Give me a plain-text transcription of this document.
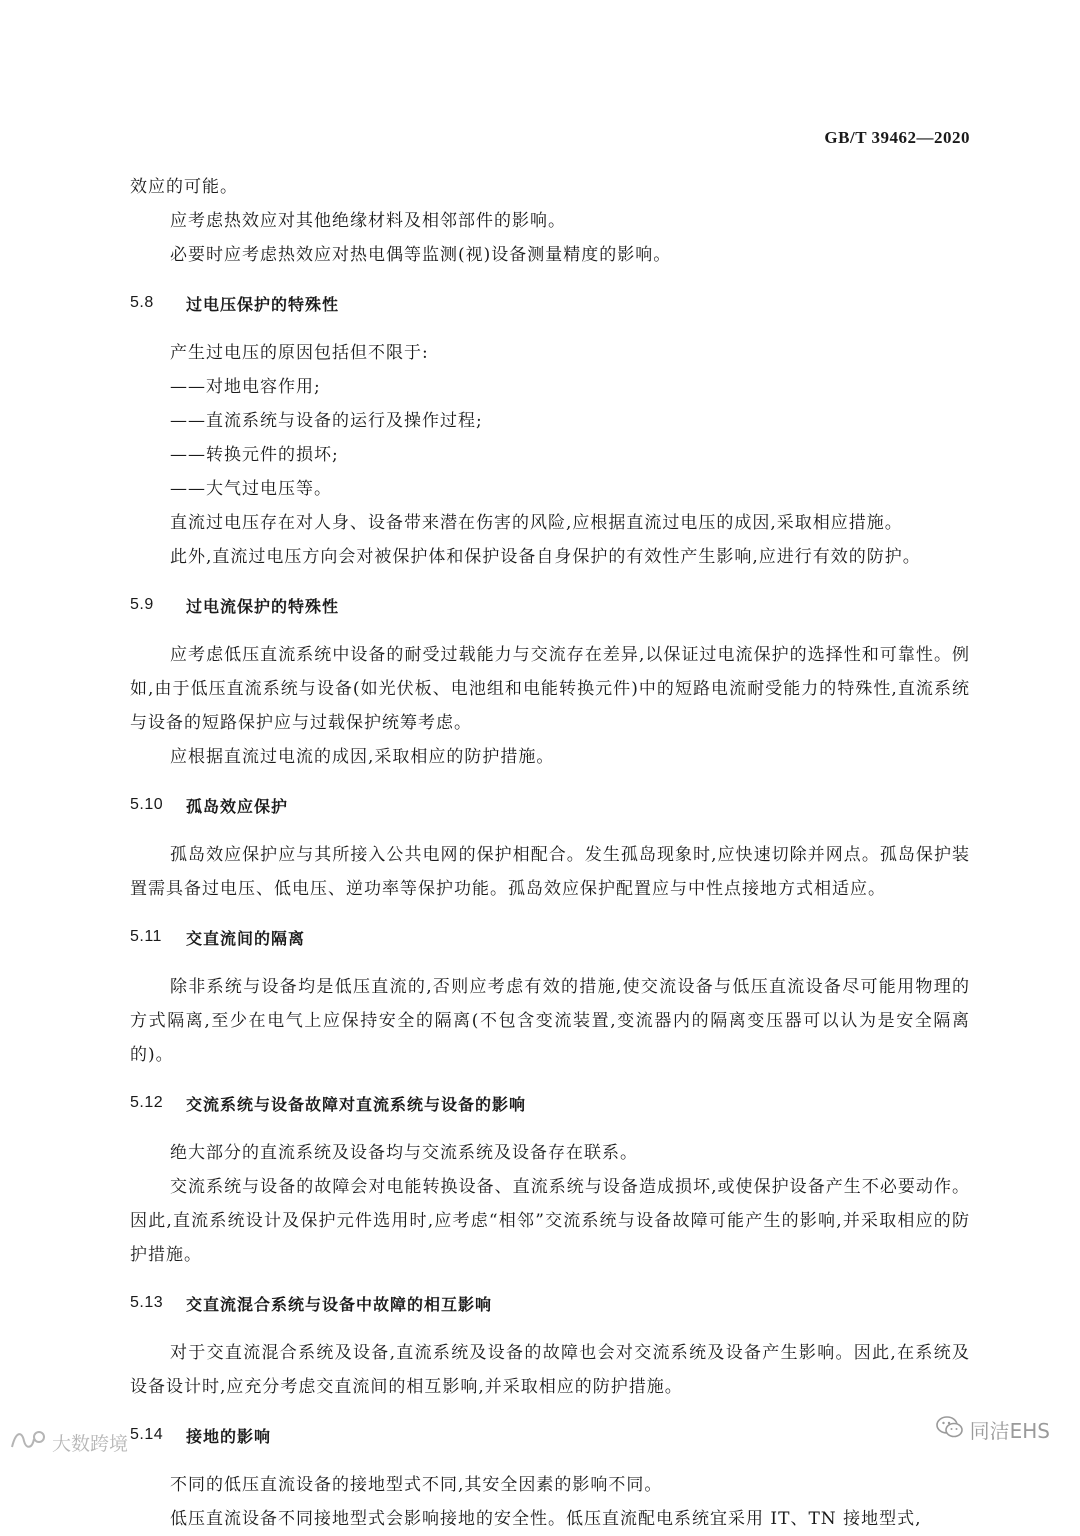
GB/T 39462—2020

效应的可能。

应考虑热效应对其他绝缘材料及相邻部件的影响。

必要时应考虑热效应对热电偶等监测(视)设备测量精度的影响。

5.8	过电压保护的特殊性

产生过电压的原因包括但不限于:

——对地电容作用;

——直流系统与设备的运行及操作过程;

——转换元件的损坏;

——大气过电压等。

直流过电压存在对人身、设备带来潜在伤害的风险,应根据直流过电压的成因,采取相应措施。

此外,直流过电压方向会对被保护体和保护设备自身保护的有效性产生影响,应进行有效的防护。

5.9	过电流保护的特殊性

应考虑低压直流系统中设备的耐受过载能力与交流存在差异,以保证过电流保护的选择性和可靠性。例如,由于低压直流系统与设备(如光伏板、电池组和电能转换元件)中的短路电流耐受能力的特殊性,直流系统与设备的短路保护应与过载保护统筹考虑。

应根据直流过电流的成因,采取相应的防护措施。

5.10	孤岛效应保护

孤岛效应保护应与其所接入公共电网的保护相配合。发生孤岛现象时,应快速切除并网点。孤岛保护装置需具备过电压、低电压、逆功率等保护功能。孤岛效应保护配置应与中性点接地方式相适应。

5.11	交直流间的隔离

除非系统与设备均是低压直流的,否则应考虑有效的措施,使交流设备与低压直流设备尽可能用物理的方式隔离,至少在电气上应保持安全的隔离(不包含变流装置,变流器内的隔离变压器可以认为是安全隔离的)。

5.12	交流系统与设备故障对直流系统与设备的影响

绝大部分的直流系统及设备均与交流系统及设备存在联系。

交流系统与设备的故障会对电能转换设备、直流系统与设备造成损坏,或使保护设备产生不必要动作。因此,直流系统设计及保护元件选用时,应考虑“相邻”交流系统与设备故障可能产生的影响,并采取相应的防护措施。

5.13	交直流混合系统与设备中故障的相互影响

对于交直流混合系统及设备,直流系统及设备的故障也会对交流系统及设备产生影响。因此,在系统及设备设计时,应充分考虑交直流间的相互影响,并采取相应的防护措施。

5.14	接地的影响

不同的低压直流设备的接地型式不同,其安全因素的影响不同。

低压直流设备不同接地型式会影响接地的安全性。低压直流配电系统宜采用 IT、TN 接地型式,

同洁EHS
大数跨境
